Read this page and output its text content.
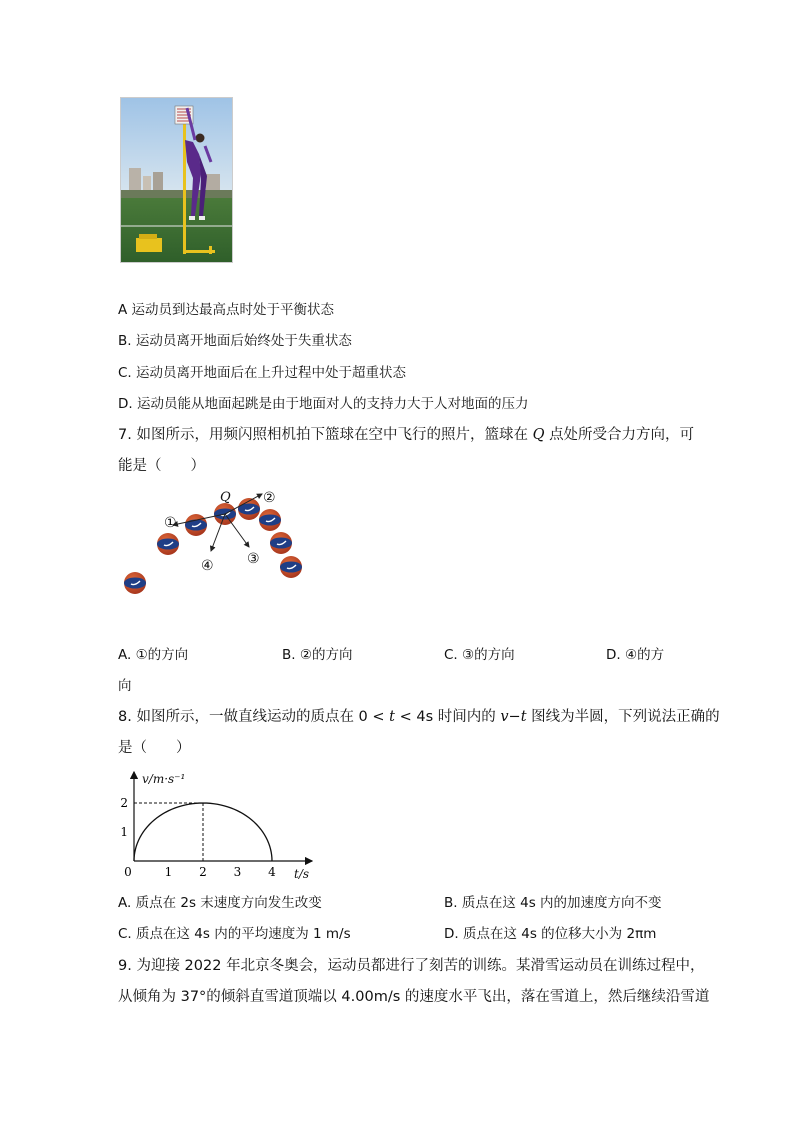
A 运动员到达最高点时处于平衡状态
B. 运动员离开地面后始终处于失重状态
C. 运动员离开地面后在上升过程中处于超重状态
D. 运动员能从地面起跳是由于地面对人的支持力大于人对地面的压力
7. 如图所示，用频闪照相机拍下篮球在空中飞行的照片，篮球在 Q 点处所受合力方向，可
能是（　　）
Q
①
②
③
④
A. ①的方向	B. ②的方向	C. ③的方向	D. ④的方
向
8. 如图所示，一做直线运动的质点在 0 < t < 4s 时间内的 v−t 图线为半圆，下列说法正确的
是（　　）
v/m·s⁻¹
t/s
0	1 2 3 4
1
2
A. 质点在 2s 末速度方向发生改变	B. 质点在这 4s 内的加速度方向不变
C. 质点在这 4s 内的平均速度为 1 m/s	D. 质点在这 4s 的位移大小为 2πm
9. 为迎接 2022 年北京冬奥会，运动员都进行了刻苦的训练。某滑雪运动员在训练过程中，
从倾角为 37°的倾斜直雪道顶端以 4.00m/s 的速度水平飞出，落在雪道上，然后继续沿雪道
